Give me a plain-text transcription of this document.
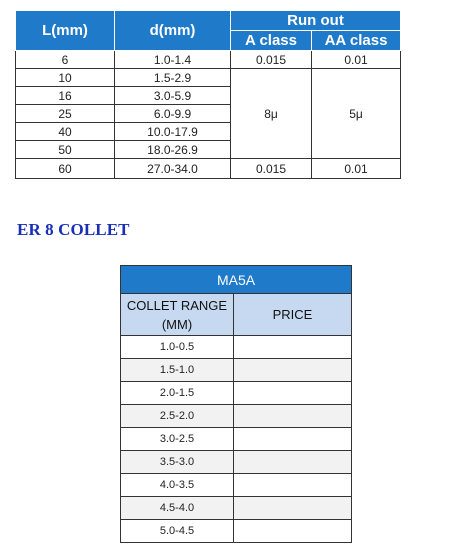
L(mm)	d(mm)	Run out	
		A class	AA class
6	1.0-1.4	0.015	0.01
10	1.5-2.9	8μ	5μ
16	3.0-5.9		
25	6.0-9.9		
40	10.0-17.9		
50	18.0-26.9		
60	27.0-34.0	0.015	0.01
ER 8 COLLET
MA5A	

COLLET RANGE
(MM)	PRICE
1.0-0.5	
1.5-1.0	
2.0-1.5	
2.5-2.0	
3.0-2.5	
3.5-3.0	
4.0-3.5	
4.5-4.0	
5.0-4.5	
